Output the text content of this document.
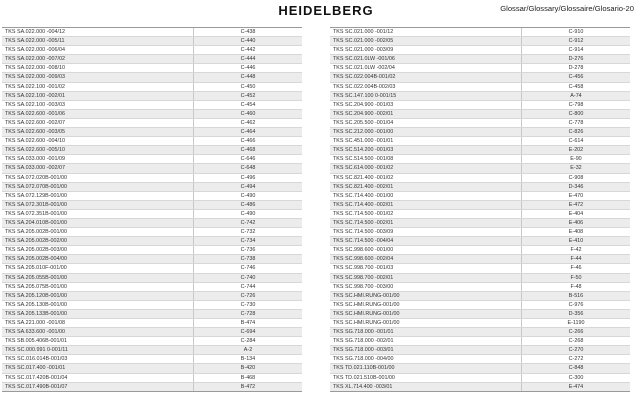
HEIDELBERG	Glossar/Glossary/Glossaire/Glosario-20
TKS SA.022.000 -004/12	C-438
TKS SA.022.000 -005/11	C-440
TKS SA.022.000 -006/04	C-442
TKS SA.022.000 -007/02	C-444
TKS SA.022.000 -008/10	C-446
TKS SA.022.000 -009/03	C-448
TKS SA.022.100 -001/02	C-450
TKS SA.022.100 -002/01	C-452
TKS SA.022.100 -003/03	C-454
TKS SA.022.600 -001/06	C-460
TKS SA.022.600 -002/07	C-462
TKS SA.022.600 -003/05	C-464
TKS SA.022.600 -004/10	C-466
TKS SA.022.600 -005/10	C-468
TKS SA.033.000 -001/09	C-646
TKS SA.033.000 -002/07	C-648
TKS SA.072.020B-001/00	C-496
TKS SA.072.070B-001/00	C-494
TKS SA.072.129B-001/00	C-490
TKS SA.072.301B-001/00	C-486
TKS SA.072.351B-001/00	C-490
TKS SA.204.010B-001/00	C-742
TKS SA.205.002B-001/00	C-732
TKS SA.205.002B-002/00	C-734
TKS SA.205.002B-003/00	C-736
TKS SA.205.002B-004/00	C-738
TKS SA.205.010F-001/00	C-746
TKS SA.205.055B-001/00	C-740
TKS SA.205.075B-001/00	C-744
TKS SA.205.120B-001/00	C-726
TKS SA.205.130B-001/00	C-730
TKS SA.205.133B-001/00	C-728
TKS SA.221.000 -001/08	B-474
TKS SA.633.600 -001/00	C-694
TKS SB.005.406B-001/01	C-284
TKS SC.000.991 0-001/11	A-2
TKS SC.016.014B-001/03	B-134
TKS SC.017.400 -001/01	B-420
TKS SC.017.420B-001/04	B-468
TKS SC.017.490B-001/07	B-472
TKS SC.021.000 -001/12	C-910
TKS SC.021.000 -002/05	C-912
TKS SC.021.000 -003/09	C-914
TKS SC.021.0LW -001/06	D-276
TKS SC.021.0LW -002/04	D-278
TKS SC.022.004B-001/02	C-456
TKS SC.022.004B-002/03	C-458
TKS SC.147.100 0-001/15	A-74
TKS SC.204.900 -001/03	C-798
TKS SC.204.900 -002/01	C-800
TKS SC.205.500 -001/04	C-778
TKS SC.212.000 -001/00	C-826
TKS SC.451.000 -001/01	C-614
TKS SC.514.200 -001/03	E-202
TKS SC.514.500 -001/08	E-90
TKS SC.614.000 -001/02	E-32
TKS SC.821.400 -001/02	C-908
TKS SC.821.400 -002/01	D-346
TKS SC.714.400 -001/00	E-470
TKS SC.714.400 -002/01	E-472
TKS SC.714.500 -001/02	E-404
TKS SC.714.500 -002/01	E-406
TKS SC.714.500 -003/09	E-408
TKS SC.714.500 -004/04	E-410
TKS SC.998.600 -001/00	F-42
TKS SC.998.600 -002/04	F-44
TKS SC.998.700 -001/03	F-46
TKS SC.998.700 -002/01	F-50
TKS SC.998.700 -003/00	F-48
TKS SC.HMI.RUNG-001/00	B-516
TKS SC.HMI.RUNG-001/00	C-976
TKS SC.HMI.RUNG-001/00	D-356
TKS SC.HMI.RUNG-001/00	E-1190
TKS SG.718.000 -001/01	C-266
TKS SG.718.000 -002/01	C-268
TKS SG.718.000 -003/01	C-270
TKS SG.718.000 -004/00	C-272
TKS TD.021.110B-001/00	C-848
TKS TD.021.510B-001/00	C-300
TKS XL.714.400 -003/01	E-474
